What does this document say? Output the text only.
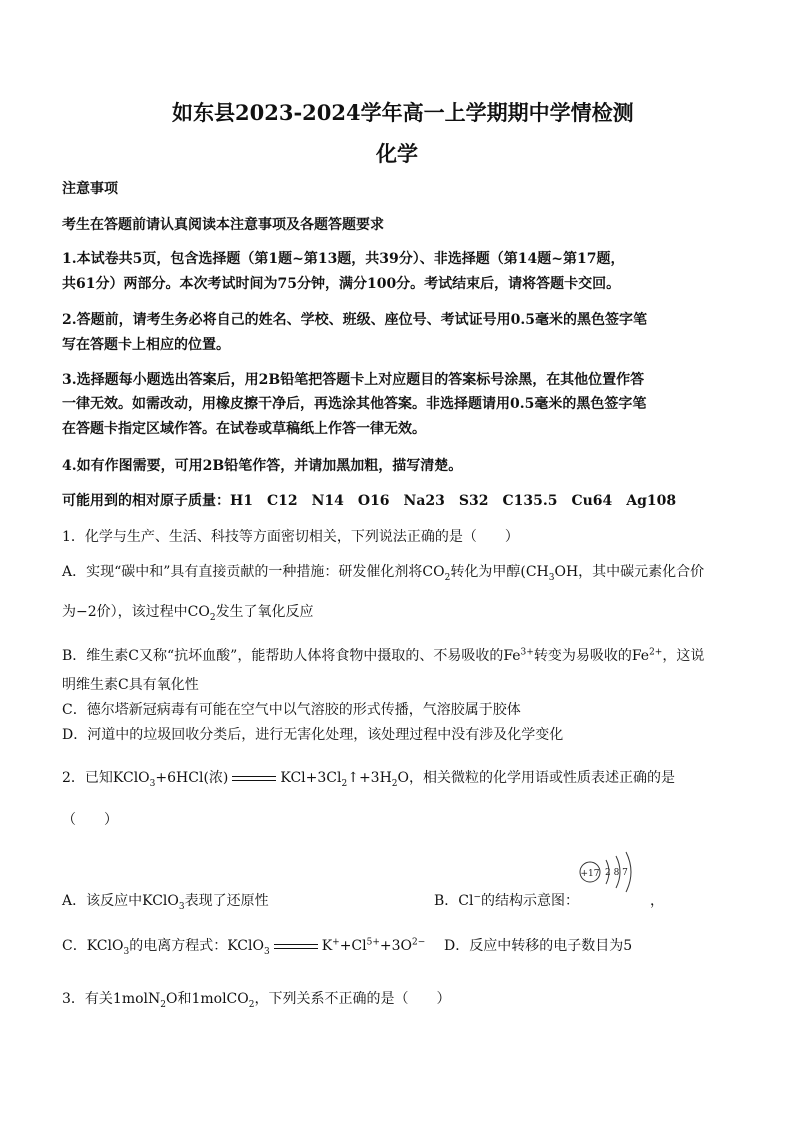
如东县2023-2024学年高一上学期期中学情检测
化学
注意事项
考生在答题前请认真阅读本注意事项及各题答题要求
1.本试卷共5页，包含选择题（第1题~第13题，共39分）、非选择题（第14题~第17题，
共61分）两部分。本次考试时间为75分钟，满分100分。考试结束后，请将答题卡交回。
2.答题前，请考生务必将自己的姓名、学校、班级、座位号、考试证号用0.5毫米的黑色签字笔
写在答题卡上相应的位置。
3.选择题每小题选出答案后，用2B铅笔把答题卡上对应题目的答案标号涂黑，在其他位置作答
一律无效。如需改动，用橡皮擦干净后，再选涂其他答案。非选择题请用0.5毫米的黑色签字笔
在答题卡指定区域作答。在试卷或草稿纸上作答一律无效。
4.如有作图需要，可用2B铅笔作答，并请加黑加粗，描写清楚。
可能用到的相对原子质量：H1　C12　N14　O16　Na23　S32　C135.5　Cu64　Ag108
1．化学与生产、生活、科技等方面密切相关，下列说法正确的是（　　）
A．实现“碳中和”具有直接贡献的一种措施：研发催化剂将$CO_2$转化为甲醇($CH_3OH$，其中碳元素化合价
为−2价），该过程中$CO_2$发生了氧化反应
B．维生素C又称“抗坏血酸”，能帮助人体将食物中摄取的、不易吸收的$Fe^{3+}$转变为易吸收的$Fe^{2+}$，这说
明维生素C具有氧化性
C．德尔塔新冠病毒有可能在空气中以气溶胶的形式传播，气溶胶属于胶体
D．河道中的垃圾回收分类后，进行无害化处理，该处理过程中没有涉及化学变化
2．已知KClO$_3$+6HCl(浓)	$KCl+3Cl_2↑+3H_2O$，相关微粒的化学用语或性质表述正确的是
（　　）
A．该反应中KClO$_3$表现了还原性	B．Cl−的结构示意图：	，
+17 2 8 7
C．KClO$_3$的电离方程式：KClO$_3$	$K^++Cl^{5+}+3O^{2-}$ D．反应中转移的电子数目为5
3．有关1molN$_2$O和1molCO$_2$，下列关系不正确的是（　　）
